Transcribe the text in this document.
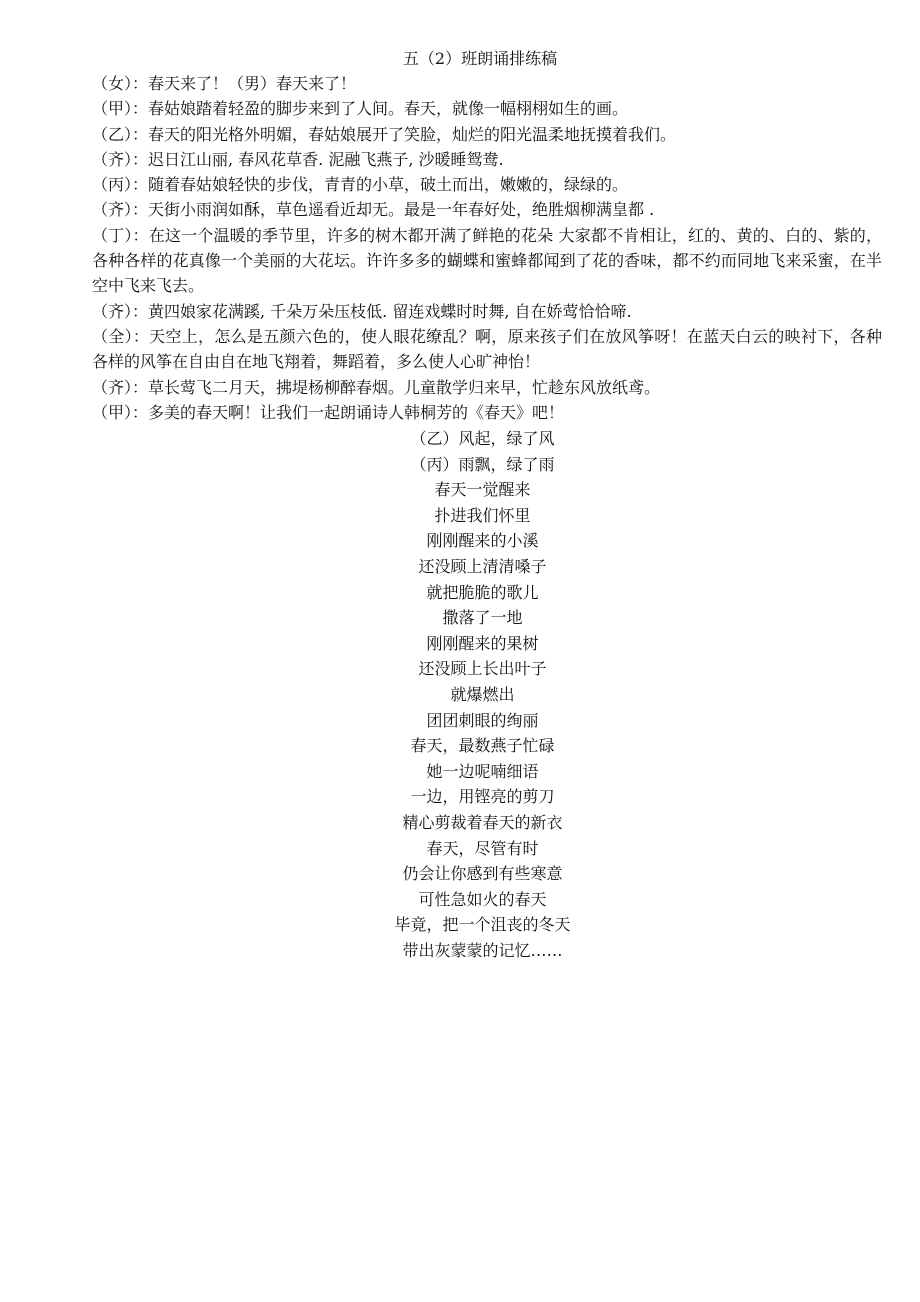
五（2）班朗诵排练稿

（女）：春天来了！（男）春天来了！

（甲）：春姑娘踏着轻盈的脚步来到了人间。春天，就像一幅栩栩如生的画。

（乙）：春天的阳光格外明媚，春姑娘展开了笑脸，灿烂的阳光温柔地抚摸着我们。

（齐）：迟日江山丽, 春风花草香. 泥融飞燕子, 沙暖睡鸳鸯.

（丙）：随着春姑娘轻快的步伐，青青的小草，破土而出，嫩嫩的，绿绿的。

（齐）：天街小雨润如酥，草色遥看近却无。最是一年春好处，绝胜烟柳满皇都 .

（丁）：在这一个温暖的季节里，许多的树木都开满了鲜艳的花朵 大家都不肯相让，红的、黄的、白的、紫的，各种各样的花真像一个美丽的大花坛。许许多多的蝴蝶和蜜蜂都闻到了花的香味，都不约而同地飞来采蜜，在半空中飞来飞去。

（齐）：黄四娘家花满蹊, 千朵万朵压枝低. 留连戏蝶时时舞, 自在娇莺恰恰啼.

（全）：天空上，怎么是五颜六色的，使人眼花缭乱？啊，原来孩子们在放风筝呀！在蓝天白云的映衬下，各种各样的风筝在自由自在地飞翔着，舞蹈着，多么使人心旷神怡！

（齐）：草长莺飞二月天，拂堤杨柳醉春烟。儿童散学归来早，忙趁东风放纸鸢。

（甲）：多美的春天啊！让我们一起朗诵诗人韩桐芳的《春天》吧！

（乙）风起，绿了风

（丙）雨飘，绿了雨

春天一觉醒来

扑进我们怀里

刚刚醒来的小溪

还没顾上清清嗓子

就把脆脆的歌儿

撒落了一地

刚刚醒来的果树

还没顾上长出叶子

就爆燃出

团团刺眼的绚丽

春天，最数燕子忙碌

她一边呢喃细语

一边，用铿亮的剪刀

精心剪裁着春天的新衣

春天，尽管有时

仍会让你感到有些寒意

可性急如火的春天

毕竟，把一个沮丧的冬天

带出灰蒙蒙的记忆……
